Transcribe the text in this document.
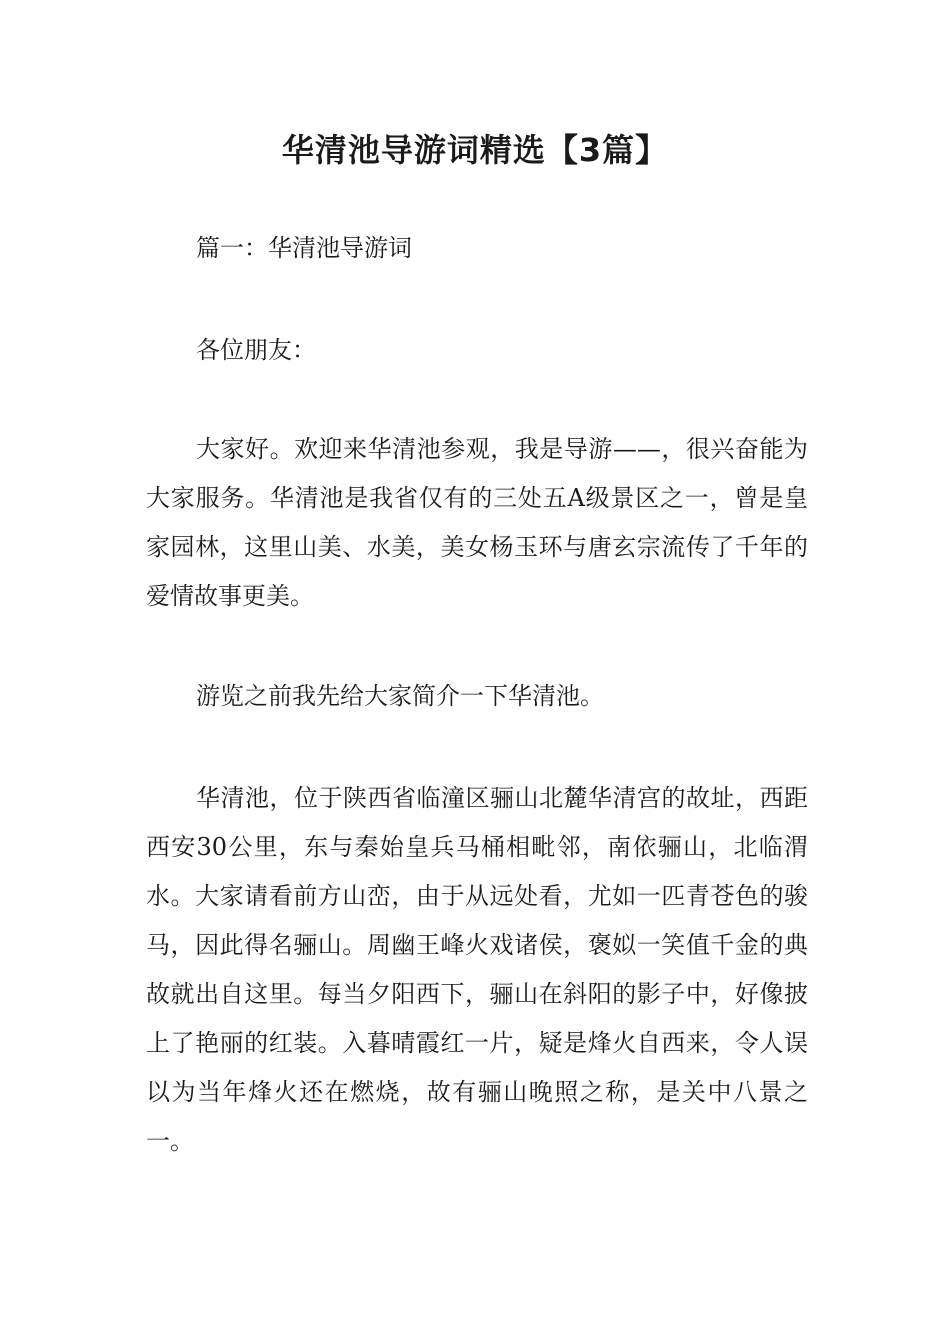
华清池导游词精选【3篇】

篇一：华清池导游词

各位朋友：

大家好。欢迎来华清池参观，我是导游——，很兴奋能为大家服务。华清池是我省仅有的三处五A级景区之一，曾是皇家园林，这里山美、水美，美女杨玉环与唐玄宗流传了千年的爱情故事更美。

游览之前我先给大家简介一下华清池。

华清池，位于陕西省临潼区骊山北麓华清宫的故址，西距西安30公里，东与秦始皇兵马桶相毗邻，南依骊山，北临渭水。大家请看前方山峦，由于从远处看，尤如一匹青苍色的骏马，因此得名骊山。周幽王峰火戏诸侯，褒姒一笑值千金的典故就出自这里。每当夕阳西下，骊山在斜阳的影子中，好像披上了艳丽的红装。入暮晴霞红一片，疑是烽火自西来，令人误以为当年烽火还在燃烧，故有骊山晚照之称，是关中八景之一。
